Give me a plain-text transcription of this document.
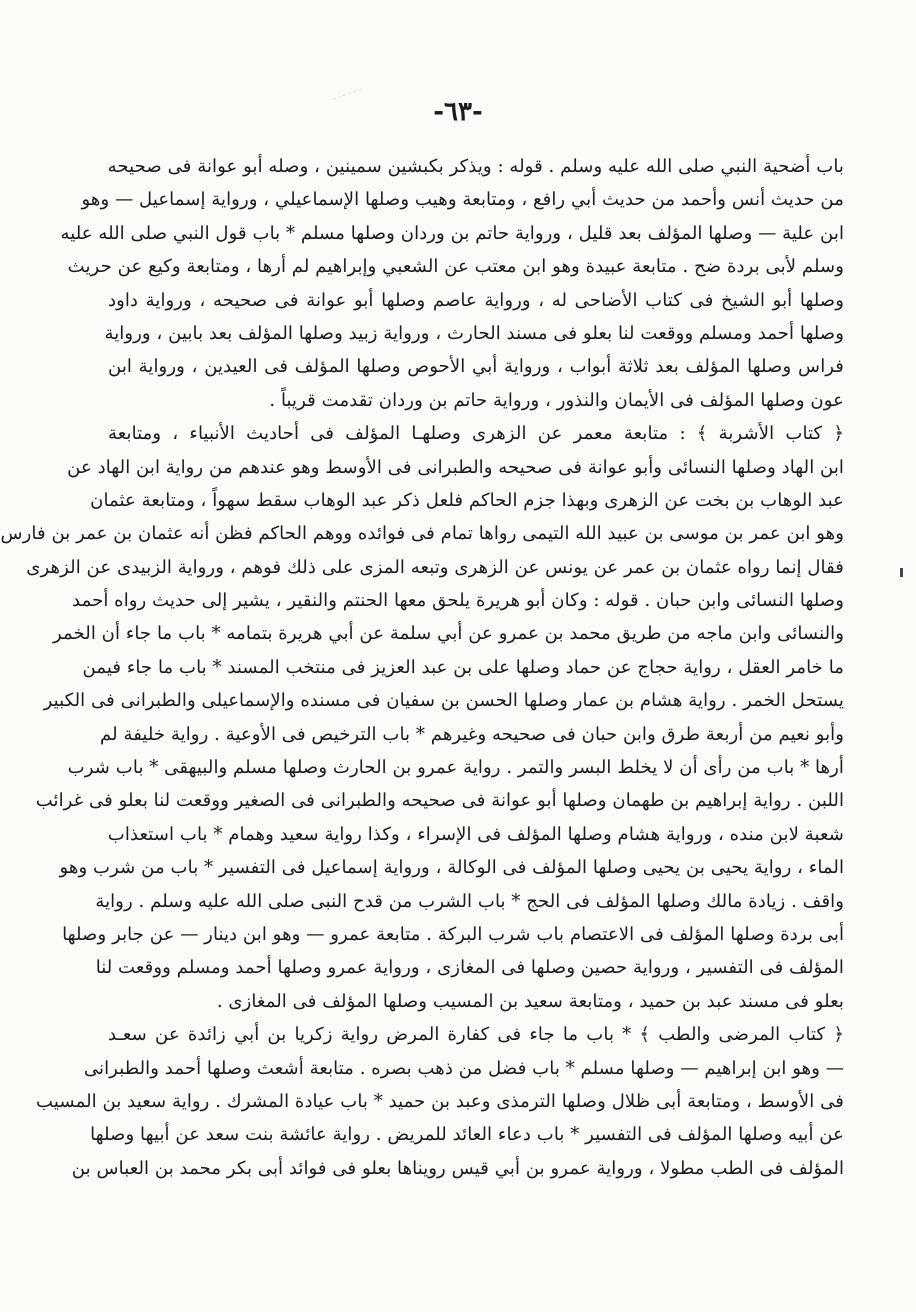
-٦٣-
باب أضحية النبي صلى الله عليه وسلم . قوله : ويذكر بكبشين سمينين ، وصله أبو عوانة فى صحيحه
من حديث أنس وأحمد من حديث أبي رافع ، ومتابعة وهيب وصلها الإسماعيلي ، ورواية إسماعيل — وهو
ابن علية — وصلها المؤلف بعد قليل ، ورواية حاتم بن وردان وصلها مسلم * باب قول النبي صلى الله عليه
وسلم لأبى بردة ضح . متابعة عبيدة وهو ابن معتب عن الشعبي وإبراهيم لم أرها ، ومتابعة وكيع عن حريث
وصلها أبو الشيخ فى كتاب الأضاحى له ، ورواية عاصم وصلها أبو عوانة فى صحيحه ، ورواية داود
وصلها أحمد ومسلم ووقعت لنا بعلو فى مسند الحارث ، ورواية زبيد وصلها المؤلف بعد بابين ، ورواية
فراس وصلها المؤلف بعد ثلاثة أبواب ، ورواية أبي الأحوص وصلها المؤلف فى العيدين ، ورواية ابن
عون وصلها المؤلف فى الأيمان والنذور ، ورواية حاتم بن وردان تقدمت قريباً .
﴿ كتاب الأشربة ﴾ : متابعة معمر عن الزهرى وصلهـا المؤلف فى أحاديث الأنبياء ، ومتابعة
ابن الهاد وصلها النسائى وأبو عوانة فى صحيحه والطبرانى فى الأوسط وهو عندهم من رواية ابن الهاد عن
عبد الوهاب بن بخت عن الزهرى وبهذا جزم الحاكم فلعل ذكر عبد الوهاب سقط سهواً ، ومتابعة عثمان
وهو ابن عمر بن موسى بن عبيد الله التيمى رواها تمام فى فوائده ووهم الحاكم فظن أنه عثمان بن عمر بن فارس
فقال إنما رواه عثمان بن عمر عن يونس عن الزهرى وتبعه المزى على ذلك فوهم ، ورواية الزبيدى عن الزهرى
وصلها النسائى وابن حبان . قوله : وكان أبو هريرة يلحق معها الحنتم والنقير ، يشير إلى حديث رواه أحمد
والنسائى وابن ماجه من طريق محمد بن عمرو عن أبي سلمة عن أبي هريرة بتمامه * باب ما جاء أن الخمر
ما خامر العقل ، رواية حجاج عن حماد وصلها على بن عبد العزيز فى منتخب المسند * باب ما جاء فيمن
يستحل الخمر . رواية هشام بن عمار وصلها الحسن بن سفيان فى مسنده والإسماعيلى والطبرانى فى الكبير
وأبو نعيم من أربعة طرق وابن حبان فى صحيحه وغيرهم * باب الترخيص فى الأوعية . رواية خليفة لم
أرها * باب من رأى أن لا يخلط البسر والتمر . رواية عمرو بن الحارث وصلها مسلم والبيهقى * باب شرب
اللبن . رواية إبراهيم بن طهمان وصلها أبو عوانة فى صحيحه والطبرانى فى الصغير ووقعت لنا بعلو فى غرائب
شعبة لابن منده ، ورواية هشام وصلها المؤلف فى الإسراء ، وكذا رواية سعيد وهمام * باب استعذاب
الماء ، رواية يحيى بن يحيى وصلها المؤلف فى الوكالة ، ورواية إسماعيل فى التفسير * باب من شرب وهو
واقف . زيادة مالك وصلها المؤلف فى الحج * باب الشرب من قدح النبى صلى الله عليه وسلم . رواية
أبى بردة وصلها المؤلف فى الاعتصام باب شرب البركة . متابعة عمرو — وهو ابن دينار — عن جابر وصلها
المؤلف فى التفسير ، ورواية حصين وصلها فى المغازى ، ورواية عمرو وصلها أحمد ومسلم ووقعت لنا
بعلو فى مسند عبد بن حميد ، ومتابعة سعيد بن المسيب وصلها المؤلف فى المغازى .
﴿ كتاب المرضى والطب ﴾ * باب ما جاء فى كفارة المرض رواية زكريا بن أبي زائدة عن سعـد
— وهو ابن إبراهيم — وصلها مسلم * باب فضل من ذهب بصره . متابعة أشعث وصلها أحمد والطبرانى
فى الأوسط ، ومتابعة أبى ظلال وصلها الترمذى وعبد بن حميد * باب عيادة المشرك . رواية سعيد بن المسيب
عن أبيه وصلها المؤلف فى التفسير * باب دعاء العائد للمريض . رواية عائشة بنت سعد عن أبيها وصلها
المؤلف فى الطب مطولا ، ورواية عمرو بن أبي قيس رويناها بعلو فى فوائد أبى بكر محمد بن العباس بن
